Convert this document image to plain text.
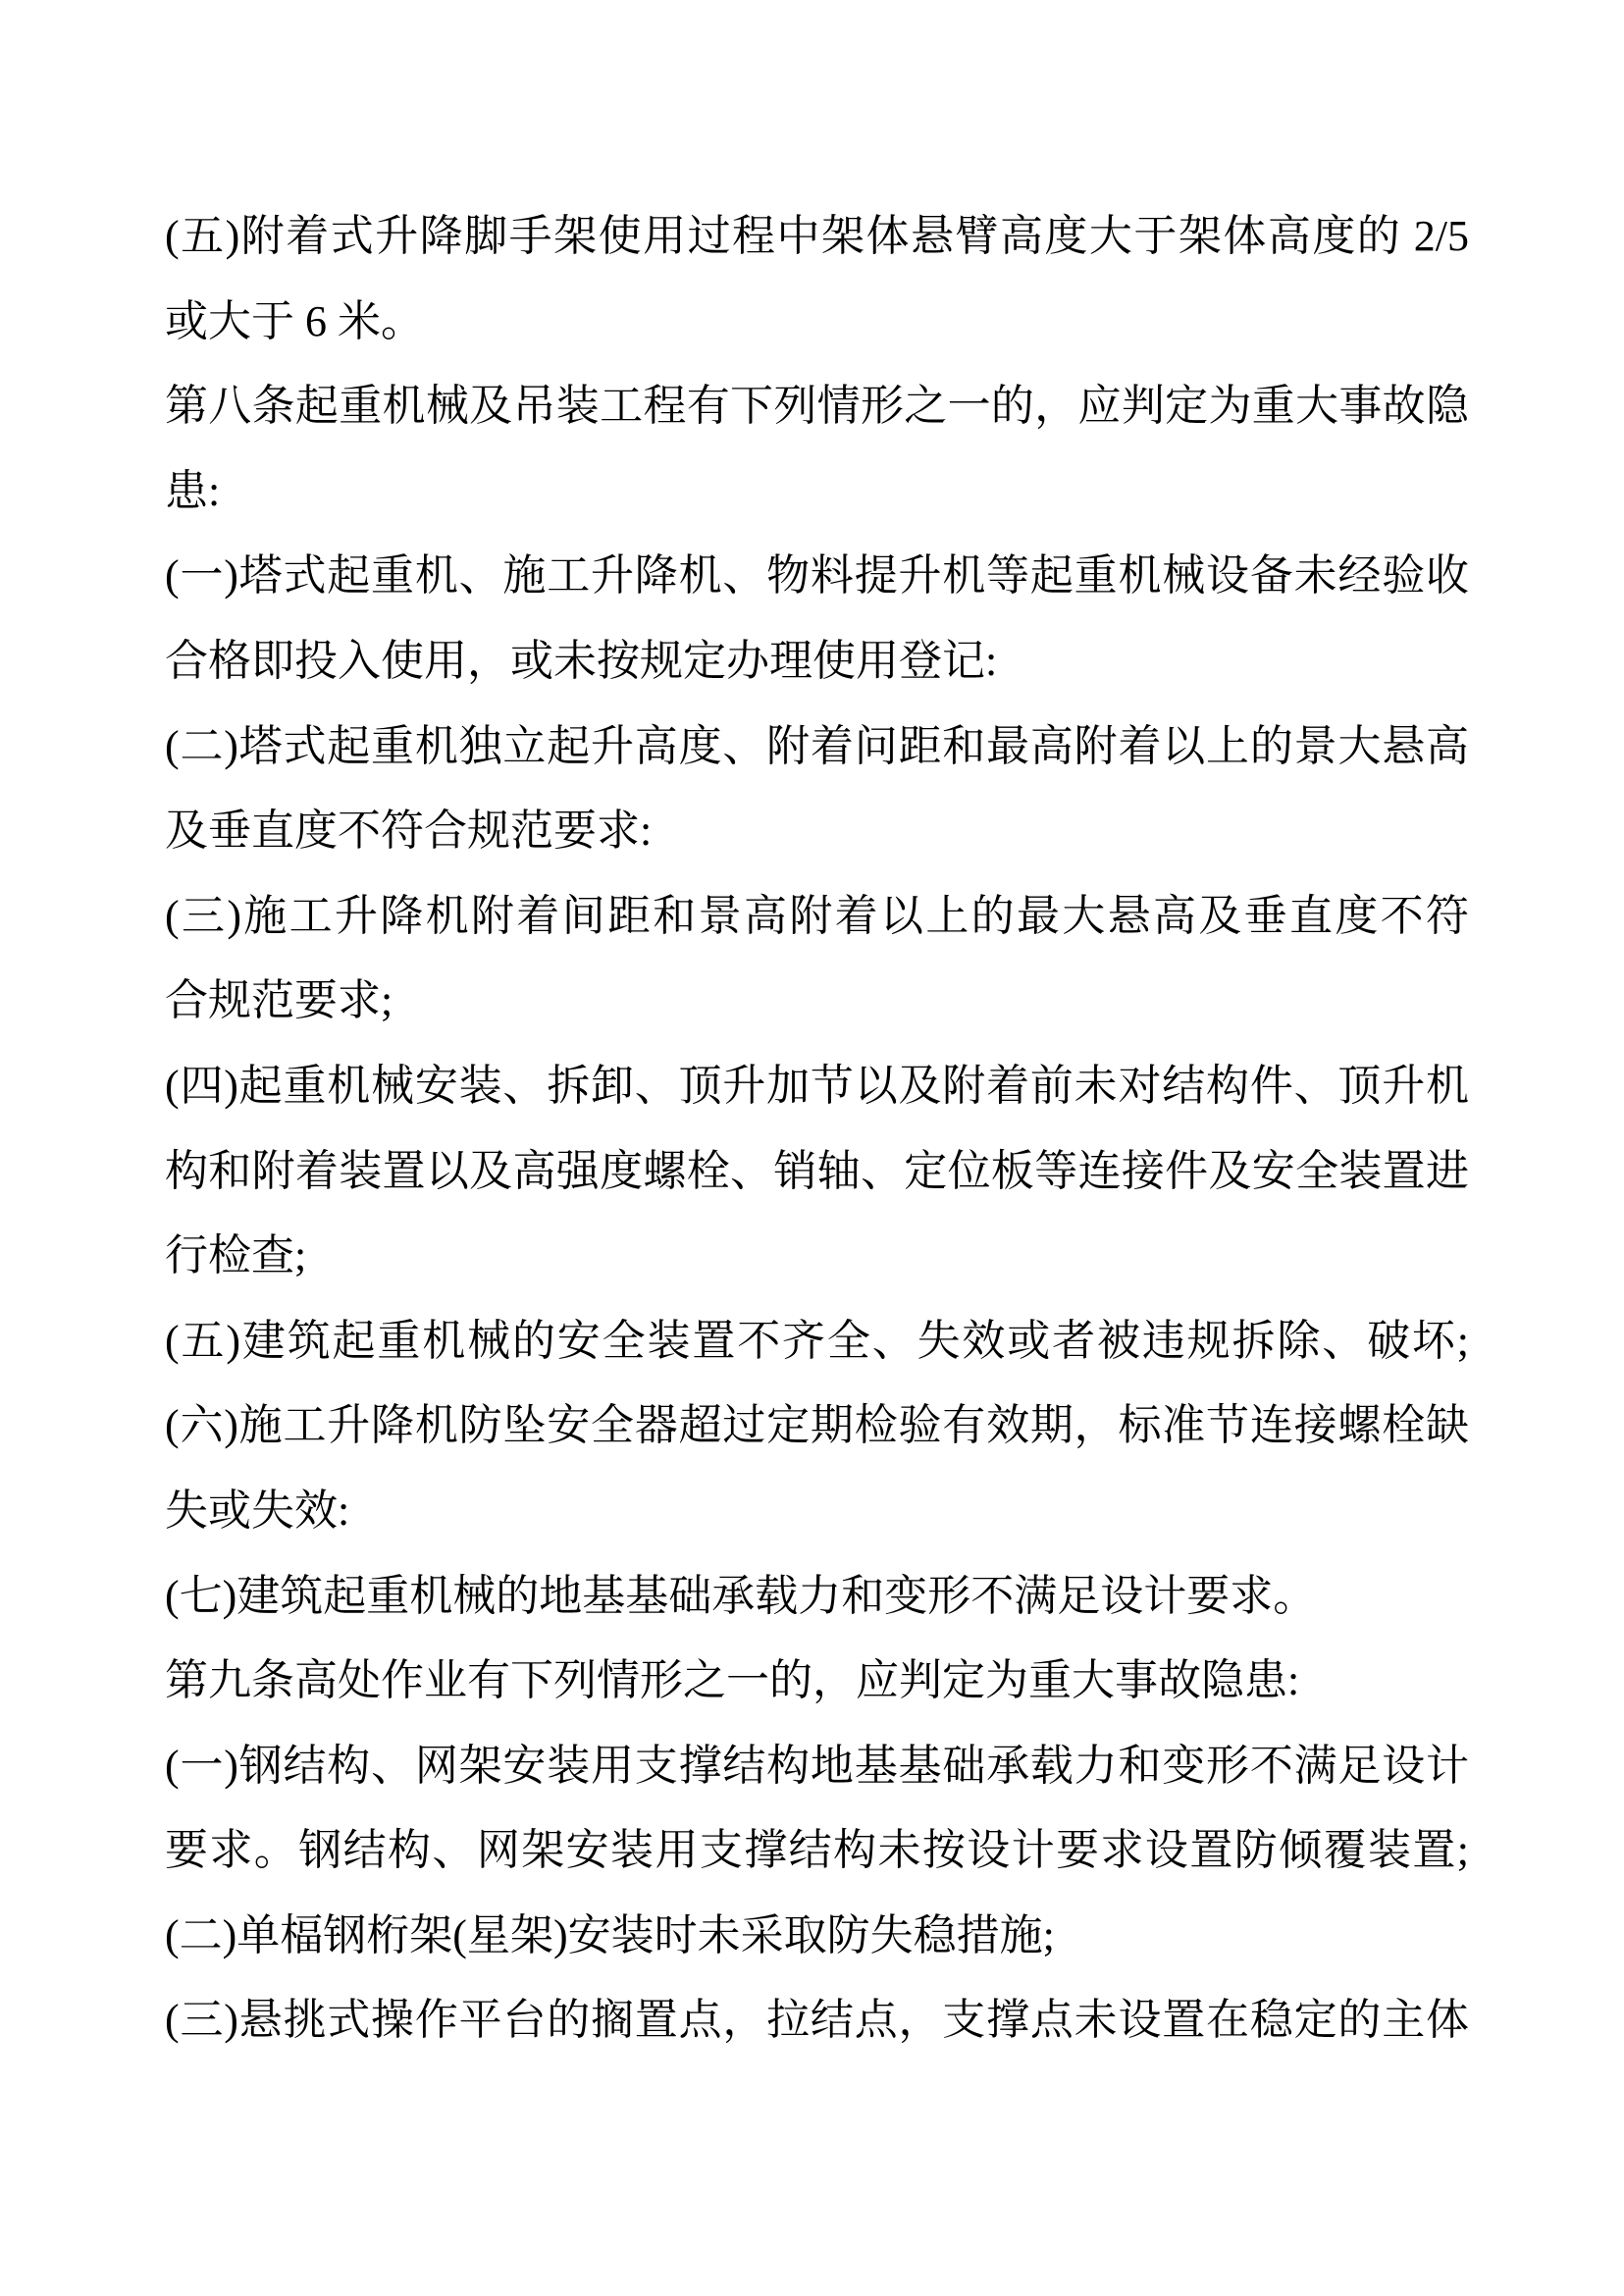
(五)附着式升降脚手架使用过程中架体悬臂高度大于架体高度的 2/5
或大于 6 米。
第八条起重机械及吊装工程有下列情形之一的，应判定为重大事故隐
患:
(一)塔式起重机、施工升降机、物料提升机等起重机械设备未经验收
合格即投入使用，或未按规定办理使用登记:
(二)塔式起重机独立起升高度、附着问距和最高附着以上的景大悬高
及垂直度不符合规范要求:
(三)施工升降机附着间距和景高附着以上的最大悬高及垂直度不符
合规范要求;
(四)起重机械安装、拆卸、顶升加节以及附着前未对结构件、顶升机
构和附着装置以及高强度螺栓、销轴、定位板等连接件及安全装置进
行检查;
(五)建筑起重机械的安全装置不齐全、失效或者被违规拆除、破坏;
(六)施工升降机防坠安全器超过定期检验有效期，标准节连接螺栓缺
失或失效:
(七)建筑起重机械的地基基础承载力和变形不满足设计要求。
第九条高处作业有下列情形之一的，应判定为重大事故隐患:
(一)钢结构、网架安装用支撑结构地基基础承载力和变形不满足设计
要求。钢结构、网架安装用支撑结构未按设计要求设置防倾覆装置;
(二)单楅钢桁架(星架)安装时未采取防失稳措施;
(三)悬挑式操作平台的搁置点，拉结点，支撑点未设置在稳定的主体
